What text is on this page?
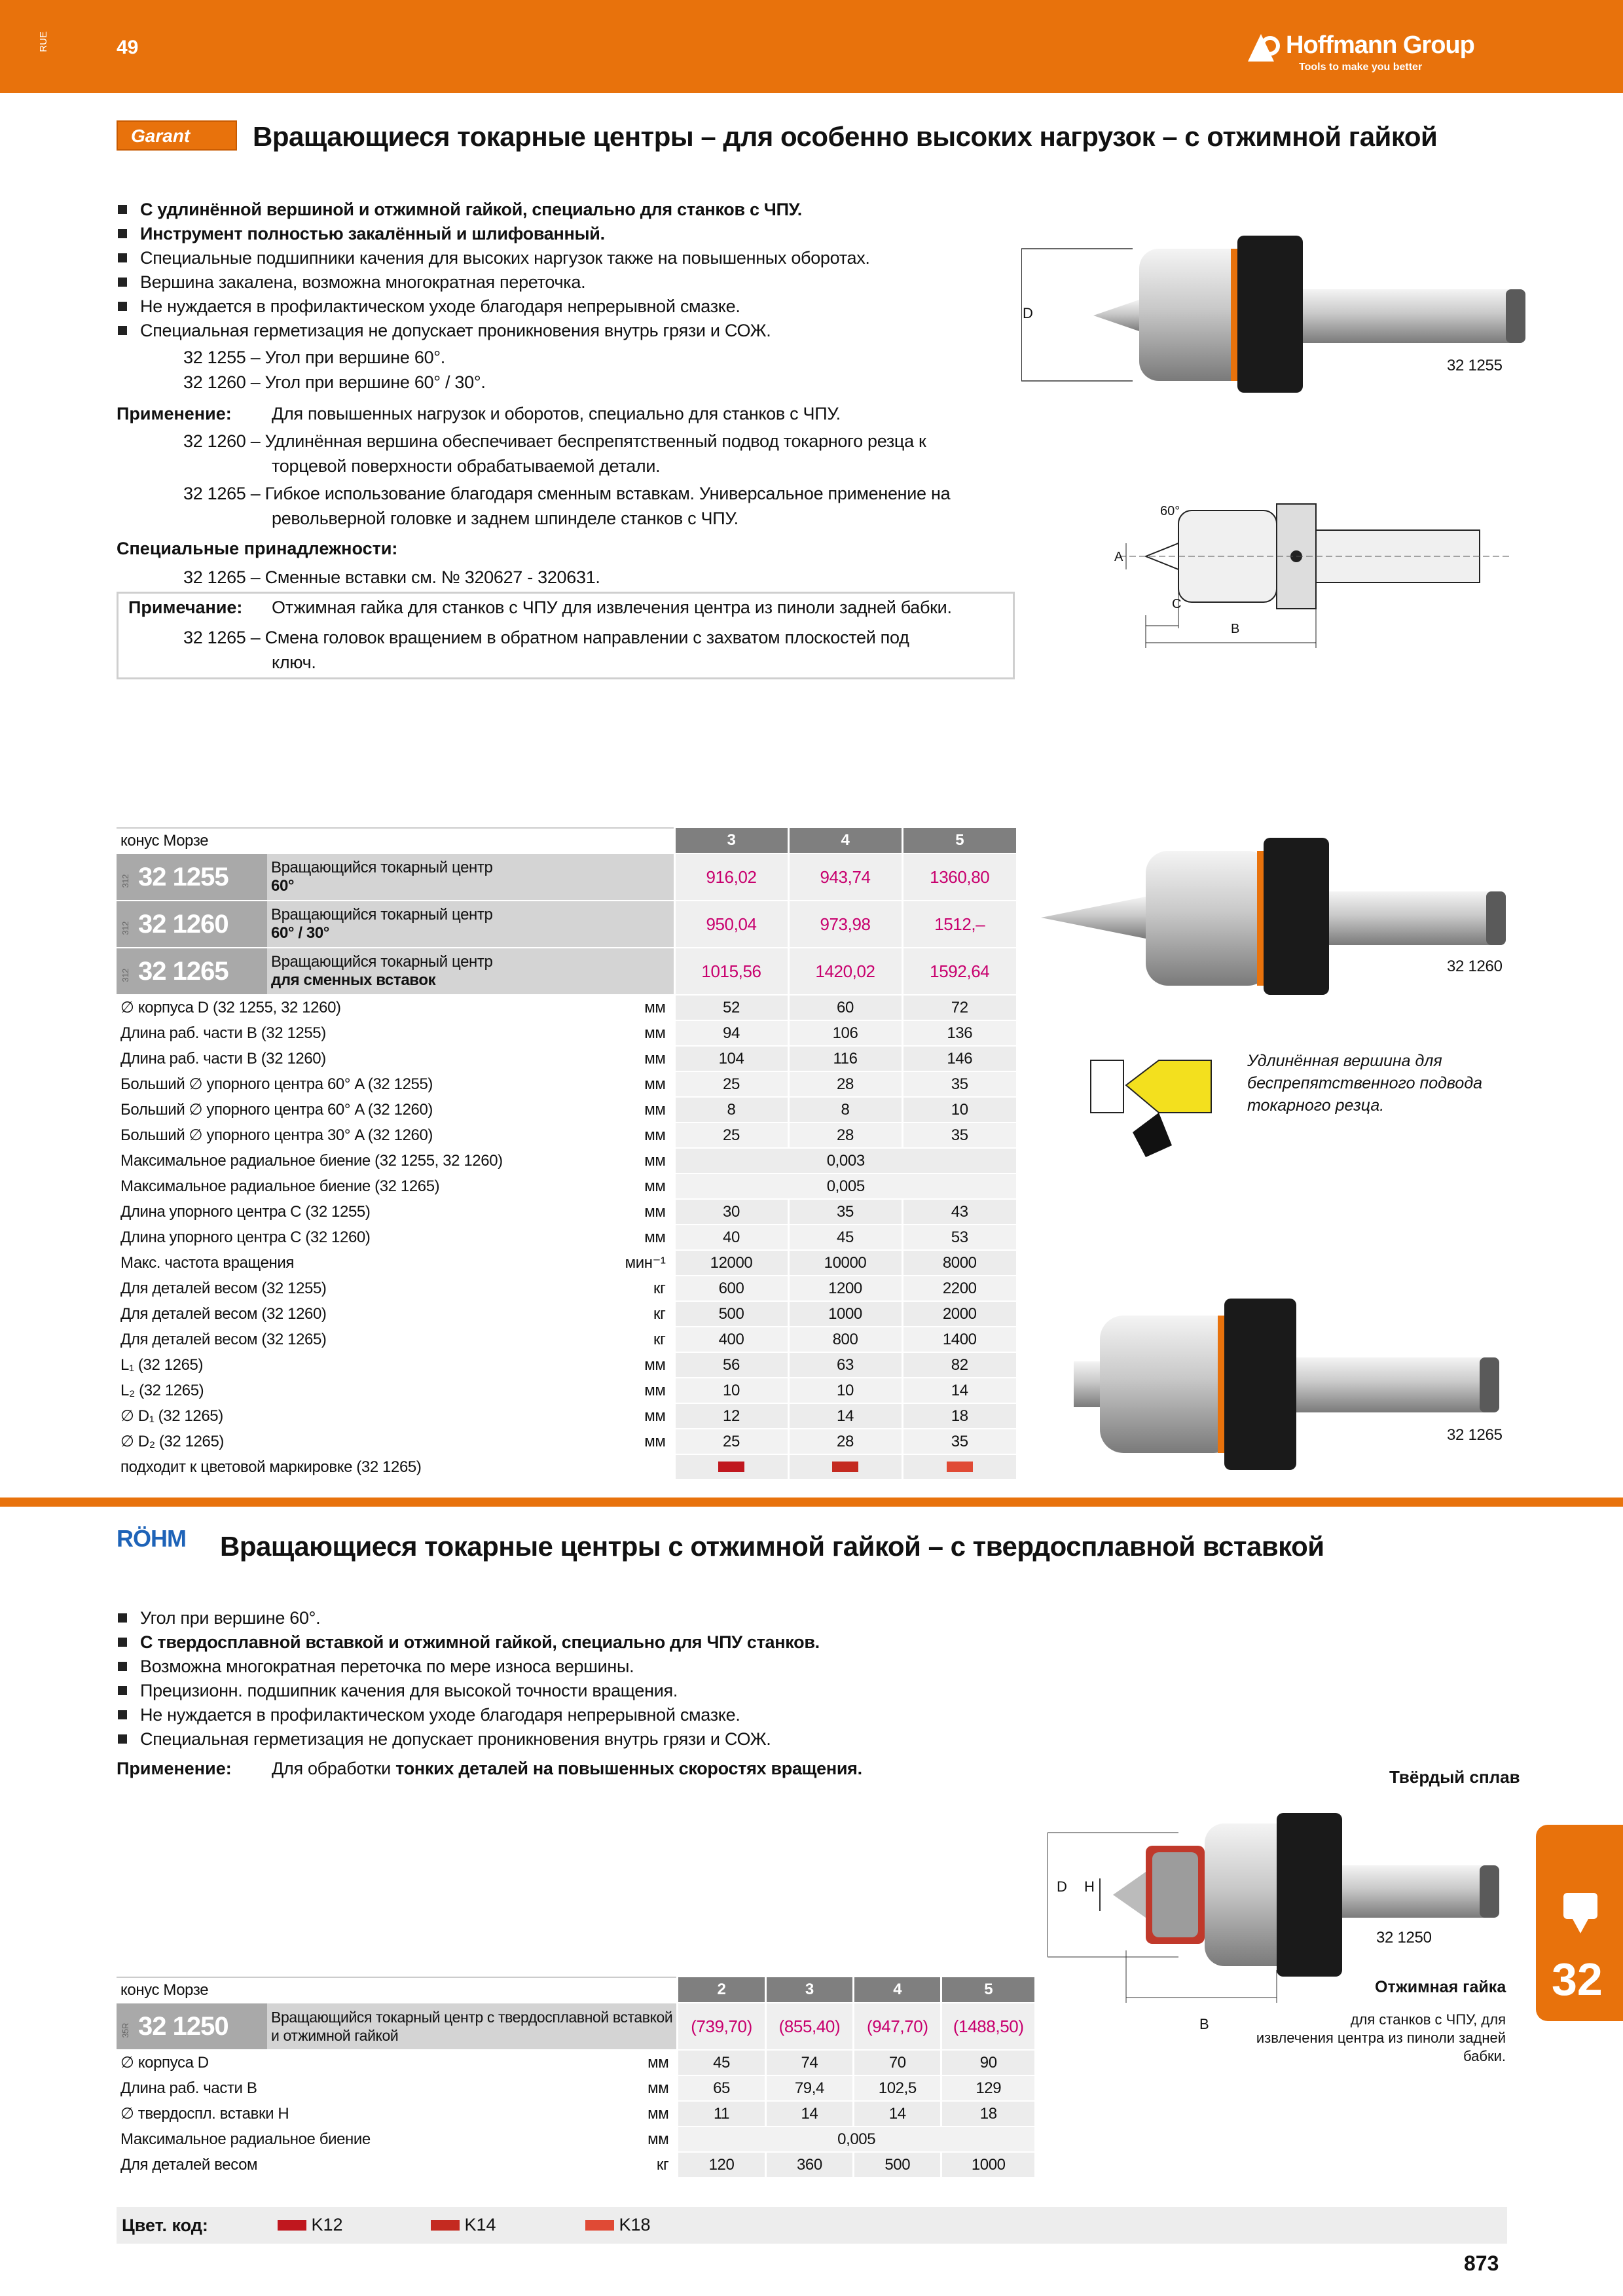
RUE	49	Hoffmann Group
Tools to make you better
Garant	Вращающиеся токарные центры – для особенно высоких нагрузок – с отжимной гайкой
С удлинённой вершиной и отжимной гайкой, специально для станков с ЧПУ.
Инструмент полностью закалённый и шлифованный.
Специальные подшипники качения для высоких наргузок также на повышенных оборотах.
Вершина закалена, возможна многократная переточка.
Не нуждается в профилактическом уходе благодаря непрерывной смазке.
Специальная герметизация не допускает проникновения внутрь грязи и СОЖ.
32 1255 – Угол при вершине 60°.
32 1260 – Угол при вершине 60° / 30°.
Применение: Для повышенных нагрузок и оборотов, специально для станков с ЧПУ.
32 1260 – Удлинённая вершина обеспечивает беспрепятственный подвод токарного резца к
торцевой поверхности обрабатываемой детали.
32 1265 – Гибкое использование благодаря сменным вставкам. Универсальное применение на
револьверной головке и заднем шпинделе станков с ЧПУ.
Специальные принадлежности:
32 1265 – Сменные вставки см. № 320627 - 320631.
Примечание: Отжимная гайка для станков с ЧПУ для извлечения центра из пиноли задней бабки.
32 1265 – Смена головок вращением в обратном направлении с захватом плоскостей под
ключ.
D
32 1255
60°
A
C
B
32 1260
Удлинённая вершина для
беспрепятственного подвода
токарного резца.
32 1265
конус Морзе			3	4	5
312 32 1255	Вращающийся токарный центр
60°		916,02	943,74	1360,80
312 32 1260	Вращающийся токарный центр
60° / 30°		950,04	973,98	1512,–
312 32 1265	Вращающийся токарный центр
для сменных вставок		1015,56	1420,02	1592,64
∅ корпуса D (32 1255, 32 1260)		мм	52	60	72
Длина раб. части B (32 1255)		мм	94	106	136
Длина раб. части B (32 1260)		мм	104	116	146
Больший ∅ упорного центра 60° A (32 1255)		мм	25	28	35
Больший ∅ упорного центра 60° A (32 1260)		мм	8	8	10
Больший ∅ упорного центра 30° A (32 1260)		мм	25	28	35
Максимальное радиальное биение (32 1255, 32 1260)		мм	0,003		
Максимальное радиальное биение (32 1265)		мм	0,005		
Длина упорного центра C (32 1255)		мм	30	35	43
Длина упорного центра C (32 1260)		мм	40	45	53
Макс. частота вращения		мин⁻¹	12000	10000	8000
Для деталей весом (32 1255)		кг	600	1200	2200
Для деталей весом (32 1260)		кг	500	1000	2000
Для деталей весом (32 1265)		кг	400	800	1400
L₁ (32 1265)		мм	56	63	82
L₂ (32 1265)		мм	10	10	14
∅ D₁ (32 1265)		мм	12	14	18
∅ D₂ (32 1265)		мм	25	28	35
подходит к цветовой маркировке (32 1265)					
RÖHM Вращающиеся токарные центры с отжимной гайкой – с твердосплавной вставкой
Угол при вершине 60°.
С твердосплавной вставкой и отжимной гайкой, специально для ЧПУ станков.
Возможна многократная переточка по мере износа вершины.
Прецизионн. подшипник качения для высокой точности вращения.
Не нуждается в профилактическом уходе благодаря непрерывной смазке.
Специальная герметизация не допускает проникновения внутрь грязи и СОЖ.
Применение: Для обработки тонких деталей на повышенных скоростях вращения.	Твёрдый сплав
D H
B
32 1250
Отжимная гайка
для станков с ЧПУ, для
извлечения центра из пиноли задней
бабки.
конус Морзе			2	3	4	5
35R 32 1250	Вращающийся токарный центр с твердосплавной вставкой
и отжимной гайкой		(739,70)	(855,40)	(947,70)	(1488,50)
∅ корпуса D		мм	45	74	70	90
Длина раб. части B		мм	65	79,4	102,5	129
∅ твердоспл. вставки H		мм	11	14	14	18
Максимальное радиальное биение		мм	0,005			
Для деталей весом		кг	120	360	500	1000
Цвет. код:	K12	K14	K18
873
32
